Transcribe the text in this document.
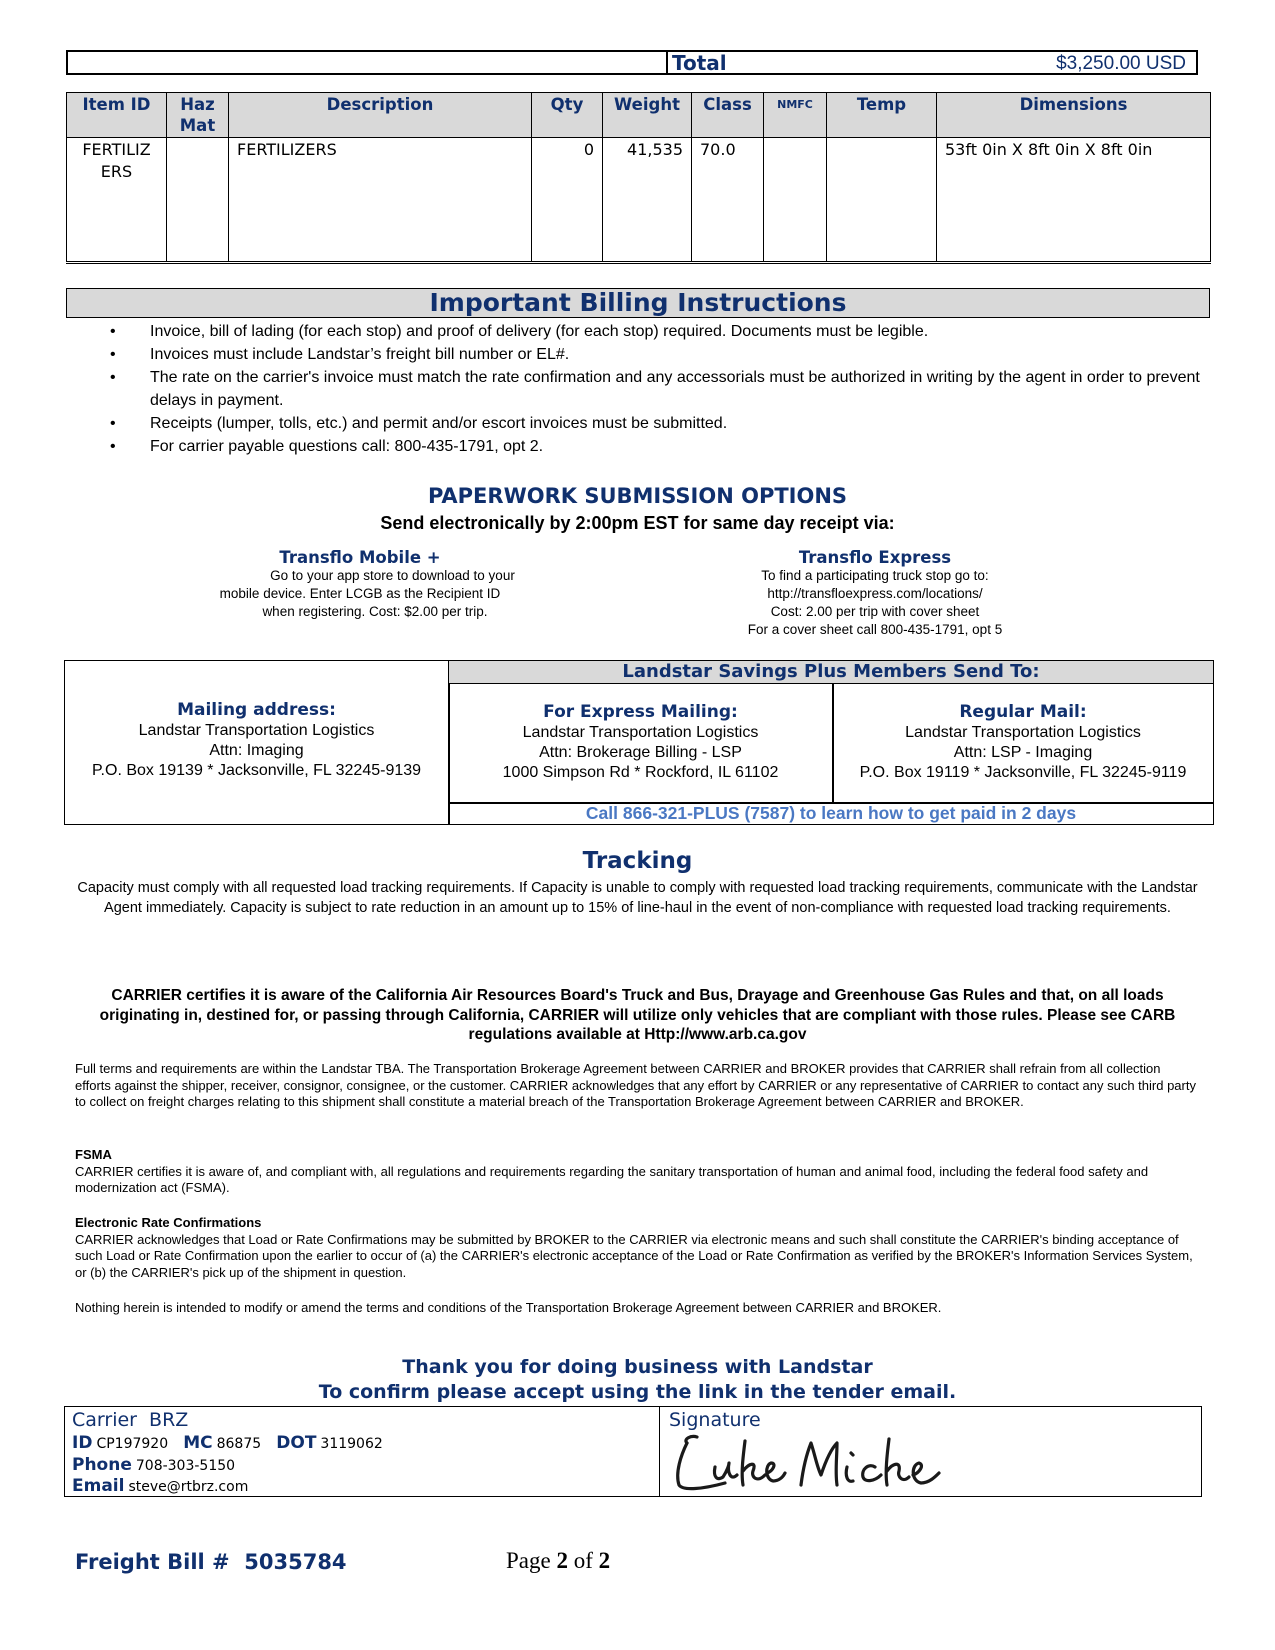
Total	$3,250.00 USD
Item ID	Haz Mat	Description	Qty	Weight	Class	NMFC	Temp	Dimensions
FERTILIZERS		FERTILIZERS	0	41,535	70.0			53ft 0in X 8ft 0in X 8ft 0in
Important Billing Instructions
• Invoice, bill of lading (for each stop) and proof of delivery (for each stop) required. Documents must be legible.
• Invoices must include Landstar’s freight bill number or EL#.
• The rate on the carrier's invoice must match the rate confirmation and any accessorials must be authorized in writing by the agent in order to prevent delays in payment.
• Receipts (lumper, tolls, etc.) and permit and/or escort invoices must be submitted.
• For carrier payable questions call: 800-435-1791, opt 2.
PAPERWORK SUBMISSION OPTIONS
Send electronically by 2:00pm EST for same day receipt via:
Transflo Mobile +
Go to your app store to download to your
mobile device. Enter LCGB as the Recipient ID
when registering. Cost: $2.00 per trip.
Transflo Express
To find a participating truck stop go to:
http://transfloexpress.com/locations/
Cost: 2.00 per trip with cover sheet
For a cover sheet call 800-435-1791, opt 5
Landstar Savings Plus Members Send To:
Mailing address:
Landstar Transportation Logistics
Attn: Imaging
P.O. Box 19139 * Jacksonville, FL 32245-9139
For Express Mailing:
Landstar Transportation Logistics
Attn: Brokerage Billing - LSP
1000 Simpson Rd * Rockford, IL 61102
Regular Mail:
Landstar Transportation Logistics
Attn: LSP - Imaging
P.O. Box 19119 * Jacksonville, FL 32245-9119
Call 866-321-PLUS (7587) to learn how to get paid in 2 days
Tracking
Capacity must comply with all requested load tracking requirements. If Capacity is unable to comply with requested load tracking requirements, communicate with the Landstar Agent immediately. Capacity is subject to rate reduction in an amount up to 15% of line-haul in the event of non-compliance with requested load tracking requirements.
CARRIER certifies it is aware of the California Air Resources Board's Truck and Bus, Drayage and Greenhouse Gas Rules and that, on all loads originating in, destined for, or passing through California, CARRIER will utilize only vehicles that are compliant with those rules. Please see CARB regulations available at Http://www.arb.ca.gov
Full terms and requirements are within the Landstar TBA. The Transportation Brokerage Agreement between CARRIER and BROKER provides that CARRIER shall refrain from all collection efforts against the shipper, receiver, consignor, consignee, or the customer. CARRIER acknowledges that any effort by CARRIER or any representative of CARRIER to contact any such third party to collect on freight charges relating to this shipment shall constitute a material breach of the Transportation Brokerage Agreement between CARRIER and BROKER.
FSMA
CARRIER certifies it is aware of, and compliant with, all regulations and requirements regarding the sanitary transportation of human and animal food, including the federal food safety and modernization act (FSMA).
Electronic Rate Confirmations
CARRIER acknowledges that Load or Rate Confirmations may be submitted by BROKER to the CARRIER via electronic means and such shall constitute the CARRIER's binding acceptance of such Load or Rate Confirmation upon the earlier to occur of (a) the CARRIER's electronic acceptance of the Load or Rate Confirmation as verified by the BROKER's Information Services System, or (b) the CARRIER's pick up of the shipment in question.
Nothing herein is intended to modify or amend the terms and conditions of the Transportation Brokerage Agreement between CARRIER and BROKER.
Thank you for doing business with Landstar
To confirm please accept using the link in the tender email.
Carrier BRZ
ID CP197920 MC 86875 DOT 3119062
Phone 708-303-5150
Email steve@rtbrz.com
Signature
Freight Bill # 5035784	Page 2 of 2
